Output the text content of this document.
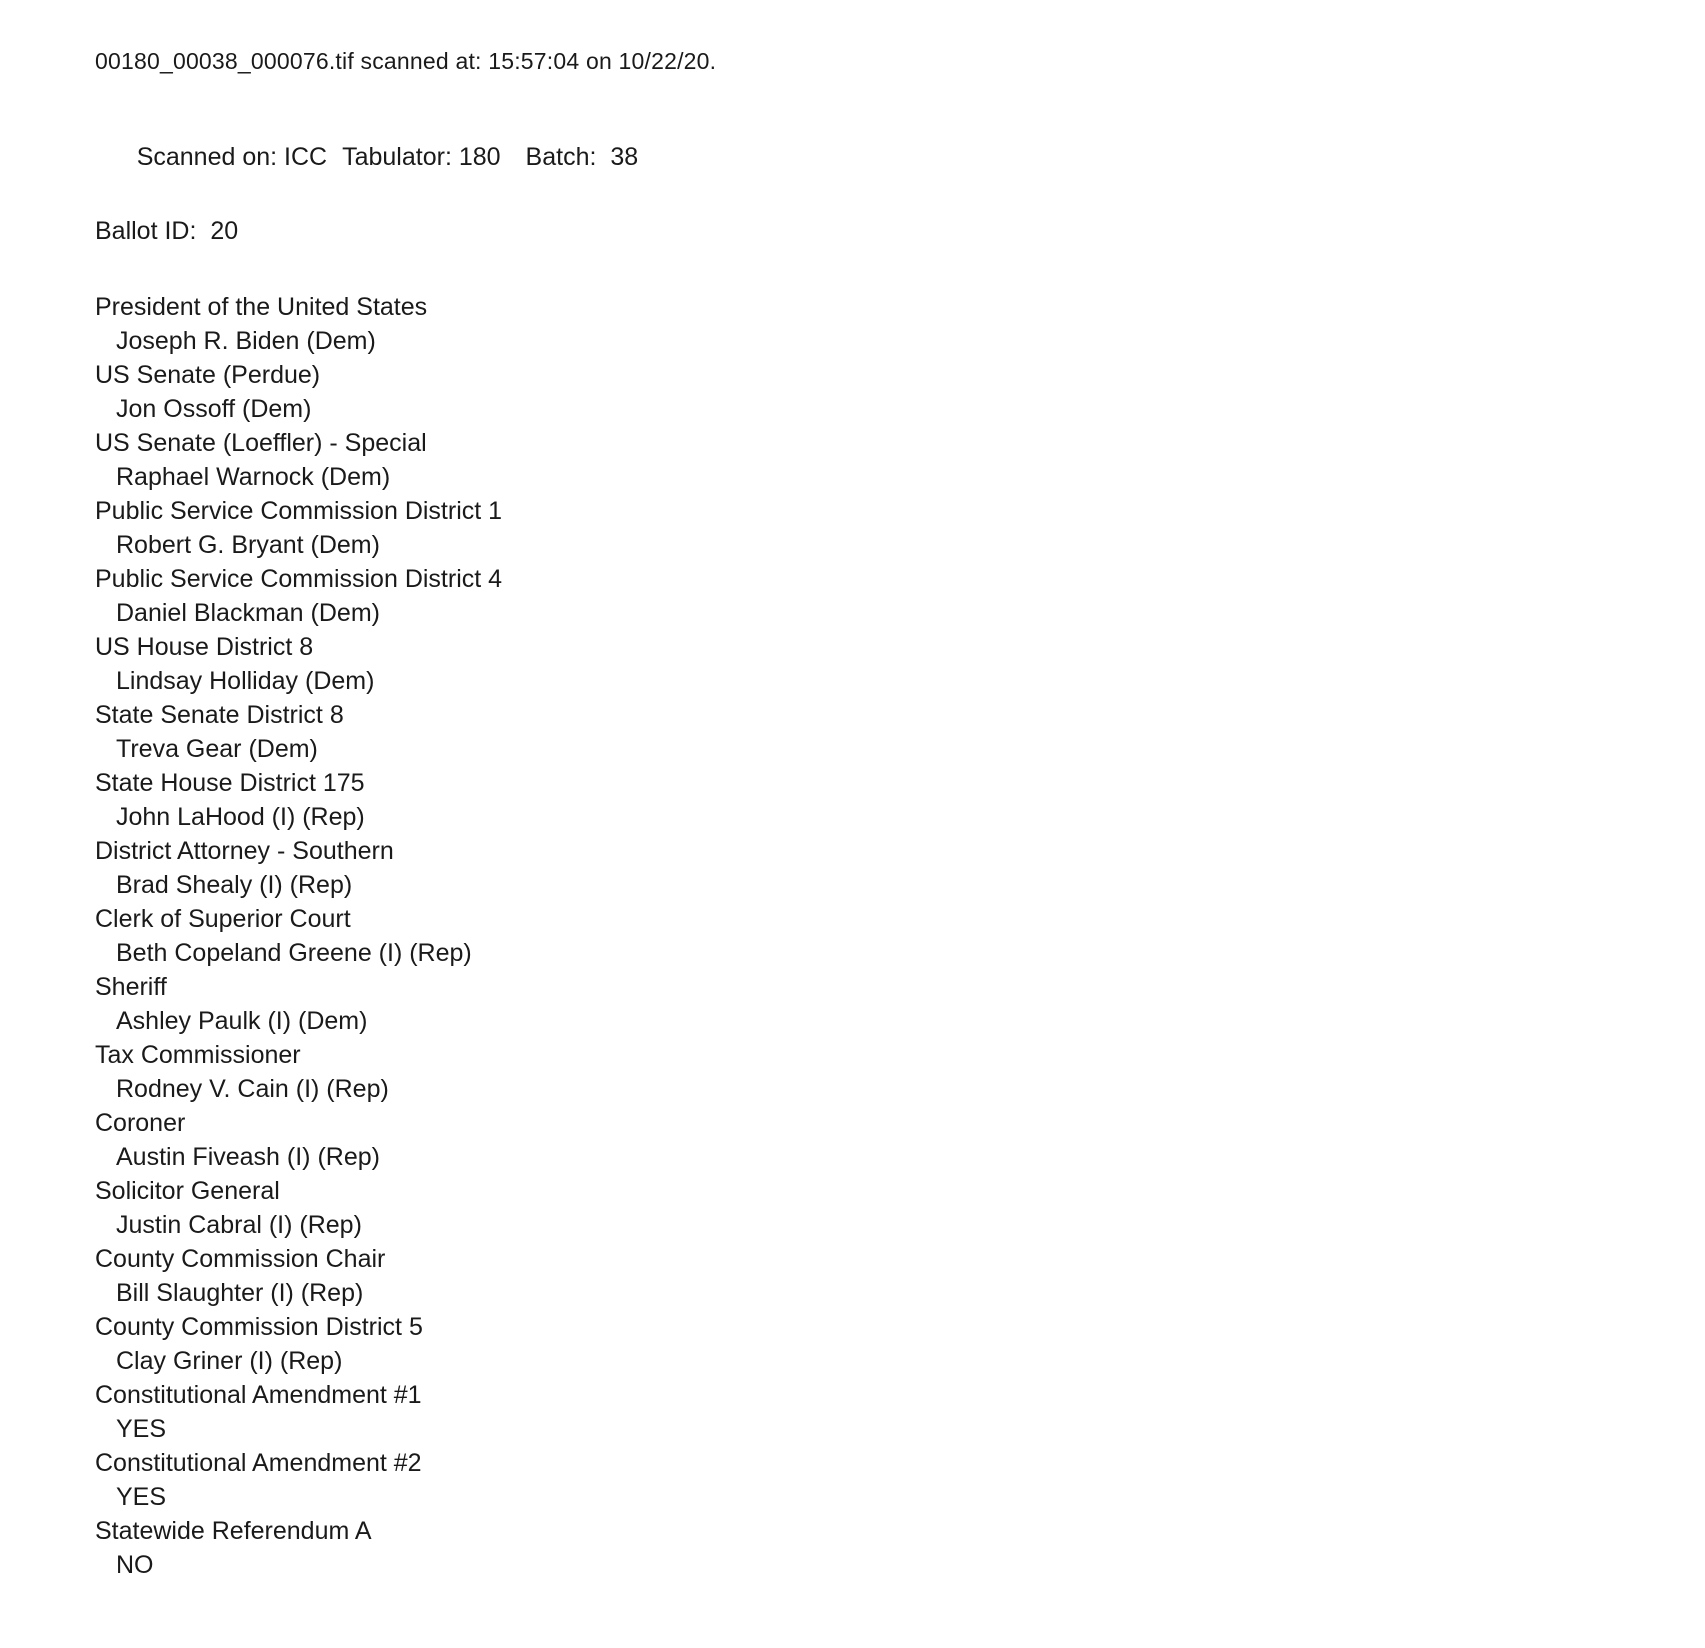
00180_00038_000076.tif scanned at: 15:57:04 on 10/22/20.

Scanned on: ICC Tabulator: 180 Batch:  38

Ballot ID:  20
President of the United States
Joseph R. Biden (Dem)
US Senate (Perdue)
Jon Ossoff (Dem)
US Senate (Loeffler) - Special
Raphael Warnock (Dem)
Public Service Commission District 1
Robert G. Bryant (Dem)
Public Service Commission District 4
Daniel Blackman (Dem)
US House District 8
Lindsay Holliday (Dem)
State Senate District 8
Treva Gear (Dem)
State House District 175
John LaHood (I) (Rep)
District Attorney - Southern
Brad Shealy (I) (Rep)
Clerk of Superior Court
Beth Copeland Greene (I) (Rep)
Sheriff
Ashley Paulk (I) (Dem)
Tax Commissioner
Rodney V. Cain (I) (Rep)
Coroner
Austin Fiveash (I) (Rep)
Solicitor General
Justin Cabral (I) (Rep)
County Commission Chair
Bill Slaughter (I) (Rep)
County Commission District 5
Clay Griner (I) (Rep)
Constitutional Amendment #1
YES
Constitutional Amendment #2
YES
Statewide Referendum A
NO
